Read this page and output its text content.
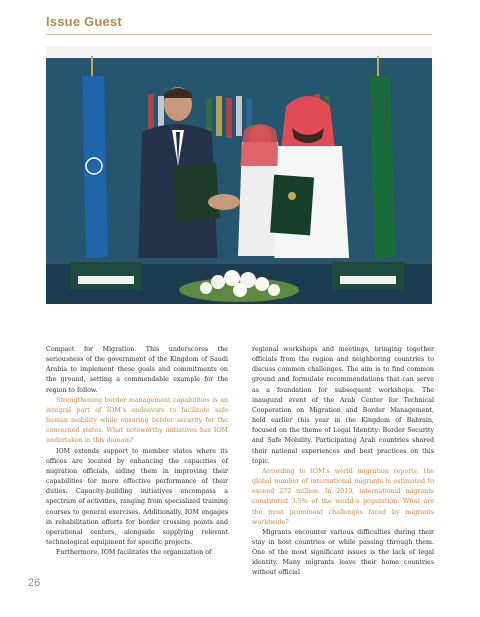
Issue Guest

Compact for Migration. This underscores the seriousness of the government of the Kingdom of Saudi Arabia to implement these goals and commitments on the ground, setting a commendable example for the region to follow.

Strengthening border management capabilities is an integral part of IOM’s endeavors to facilitate safe human mobility while ensuring border security for the concerned states. What noteworthy initiatives has IOM undertaken in this domain?

IOM extends support to member states where its offices are located by enhancing the capacities of migration officials, aiding them in improving their capabilities for more effective performance of their duties. Capacity-building initiatives encompass a spectrum of activities, ranging from specialized training courses to general exercises. Additionally, IOM engages in rehabilitation efforts for border crossing points and operational centers, alongside supplying relevant technological equipment for specific projects.

Furthermore, IOM facilitates the organization of

regional workshops and meetings, bringing together officials from the region and neighboring countries to discuss common challenges. The aim is to find common ground and formulate recommendations that can serve as a foundation for subsequent workshops. The inaugural event of the Arab Center for Technical Cooperation on Migration and Border Management, held earlier this year in the Kingdom of Bahrain, focused on the theme of Legal Identity: Border Security and Safe Mobility. Participating Arab countries shared their national experiences and best practices on this topic.

According to IOM’s world migration reports, the global number of international migrants is estimated to exceed 272 million. In 2019, international migrants constituted 3.5% of the world›s population. What are the most prominent challenges faced by migrants worldwide?

Migrants encounter various difficulties during their stay in host countries or while passing through them. One of the most significant issues is the lack of legal identity. Many migrants leave their home countries without official

26
